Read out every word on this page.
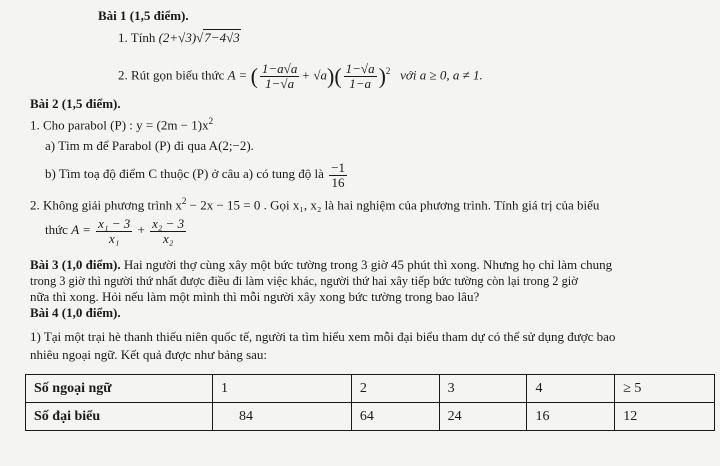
Bài 1 (1,5 điểm).
1. Tính (2+√3)√7−4√3
2. Rút gọn biểu thức A = ( $\frac{1-a√a}{1-√a} + √a)( \frac{1-√a}{1-a} )^2$ với a ≥ 0, a ≠ 1.
Bài 2 (1,5 điểm).
1. Cho parabol (P) : $y = (2m - 1)x^2$
a) Tìm m để Parabol (P) đi qua A(2;−2).
b) Tìm toạ độ điểm C thuộc (P) ở câu a) có tung độ là $\frac{-1}{16}$
2. Không giải phương trình $x^2 - 2x - 15 = 0$ . Gọi x₁, x₂ là hai nghiệm của phương trình. Tính giá trị của biểu
thức $A = \frac{\text{x₁ − 3}}{\text{x₁}} + \frac{\text{x₂ − 3}}{\text{x₂}}$
Bài 3 (1,0 điểm). Hai người thợ cùng xây một bức tường trong 3 giờ 45 phút thì xong. Nhưng họ chỉ làm chung
trong 3 giờ thì người thứ nhất được điều đi làm việc khác, người thứ hai xây tiếp bức tường còn lại trong 2 giờ
nữa thì xong. Hỏi nếu làm một mình thì mỗi người xây xong bức tường trong bao lâu?
Bài 4 (1,0 điểm).
1) Tại một trại hè thanh thiếu niên quốc tế, người ta tìm hiểu xem mỗi đại biểu tham dự có thể sử dụng được bao
nhiêu ngoại ngữ. Kết quả được như bảng sau:
Số ngoại ngữ	1	2	3	4	≥ 5
Số đại biểu	84	64	24	16	12
